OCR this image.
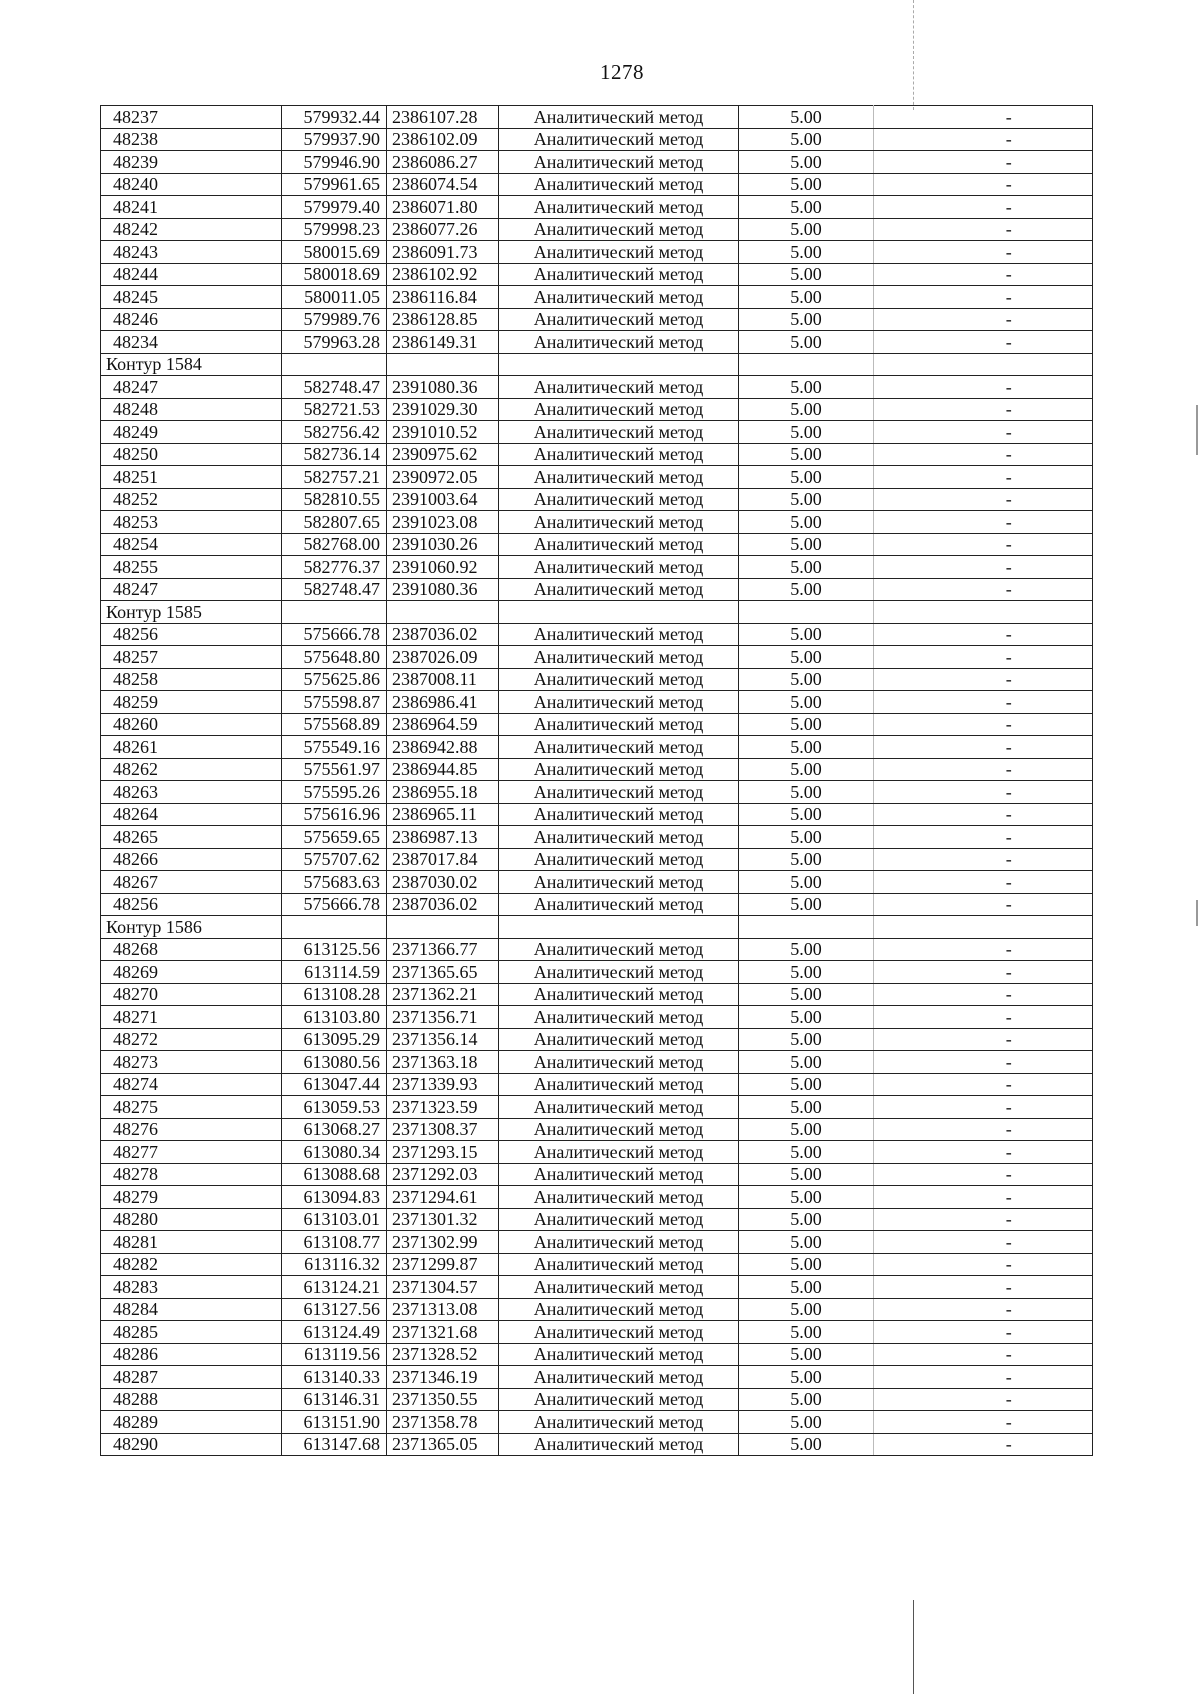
1278
48237	579932.44	2386107.28	Аналитический метод	5.00		-
48238	579937.90	2386102.09	Аналитический метод	5.00		-
48239	579946.90	2386086.27	Аналитический метод	5.00		-
48240	579961.65	2386074.54	Аналитический метод	5.00		-
48241	579979.40	2386071.80	Аналитический метод	5.00		-
48242	579998.23	2386077.26	Аналитический метод	5.00		-
48243	580015.69	2386091.73	Аналитический метод	5.00		-
48244	580018.69	2386102.92	Аналитический метод	5.00		-
48245	580011.05	2386116.84	Аналитический метод	5.00		-
48246	579989.76	2386128.85	Аналитический метод	5.00		-
48234	579963.28	2386149.31	Аналитический метод	5.00		-
Контур 1584						
48247	582748.47	2391080.36	Аналитический метод	5.00		-
48248	582721.53	2391029.30	Аналитический метод	5.00		-
48249	582756.42	2391010.52	Аналитический метод	5.00		-
48250	582736.14	2390975.62	Аналитический метод	5.00		-
48251	582757.21	2390972.05	Аналитический метод	5.00		-
48252	582810.55	2391003.64	Аналитический метод	5.00		-
48253	582807.65	2391023.08	Аналитический метод	5.00		-
48254	582768.00	2391030.26	Аналитический метод	5.00		-
48255	582776.37	2391060.92	Аналитический метод	5.00		-
48247	582748.47	2391080.36	Аналитический метод	5.00		-
Контур 1585						
48256	575666.78	2387036.02	Аналитический метод	5.00		-
48257	575648.80	2387026.09	Аналитический метод	5.00		-
48258	575625.86	2387008.11	Аналитический метод	5.00		-
48259	575598.87	2386986.41	Аналитический метод	5.00		-
48260	575568.89	2386964.59	Аналитический метод	5.00		-
48261	575549.16	2386942.88	Аналитический метод	5.00		-
48262	575561.97	2386944.85	Аналитический метод	5.00		-
48263	575595.26	2386955.18	Аналитический метод	5.00		-
48264	575616.96	2386965.11	Аналитический метод	5.00		-
48265	575659.65	2386987.13	Аналитический метод	5.00		-
48266	575707.62	2387017.84	Аналитический метод	5.00		-
48267	575683.63	2387030.02	Аналитический метод	5.00		-
48256	575666.78	2387036.02	Аналитический метод	5.00		-
Контур 1586						
48268	613125.56	2371366.77	Аналитический метод	5.00		-
48269	613114.59	2371365.65	Аналитический метод	5.00		-
48270	613108.28	2371362.21	Аналитический метод	5.00		-
48271	613103.80	2371356.71	Аналитический метод	5.00		-
48272	613095.29	2371356.14	Аналитический метод	5.00		-
48273	613080.56	2371363.18	Аналитический метод	5.00		-
48274	613047.44	2371339.93	Аналитический метод	5.00		-
48275	613059.53	2371323.59	Аналитический метод	5.00		-
48276	613068.27	2371308.37	Аналитический метод	5.00		-
48277	613080.34	2371293.15	Аналитический метод	5.00		-
48278	613088.68	2371292.03	Аналитический метод	5.00		-
48279	613094.83	2371294.61	Аналитический метод	5.00		-
48280	613103.01	2371301.32	Аналитический метод	5.00		-
48281	613108.77	2371302.99	Аналитический метод	5.00		-
48282	613116.32	2371299.87	Аналитический метод	5.00		-
48283	613124.21	2371304.57	Аналитический метод	5.00		-
48284	613127.56	2371313.08	Аналитический метод	5.00		-
48285	613124.49	2371321.68	Аналитический метод	5.00		-
48286	613119.56	2371328.52	Аналитический метод	5.00		-
48287	613140.33	2371346.19	Аналитический метод	5.00		-
48288	613146.31	2371350.55	Аналитический метод	5.00		-
48289	613151.90	2371358.78	Аналитический метод	5.00		-
48290	613147.68	2371365.05	Аналитический метод	5.00		-
